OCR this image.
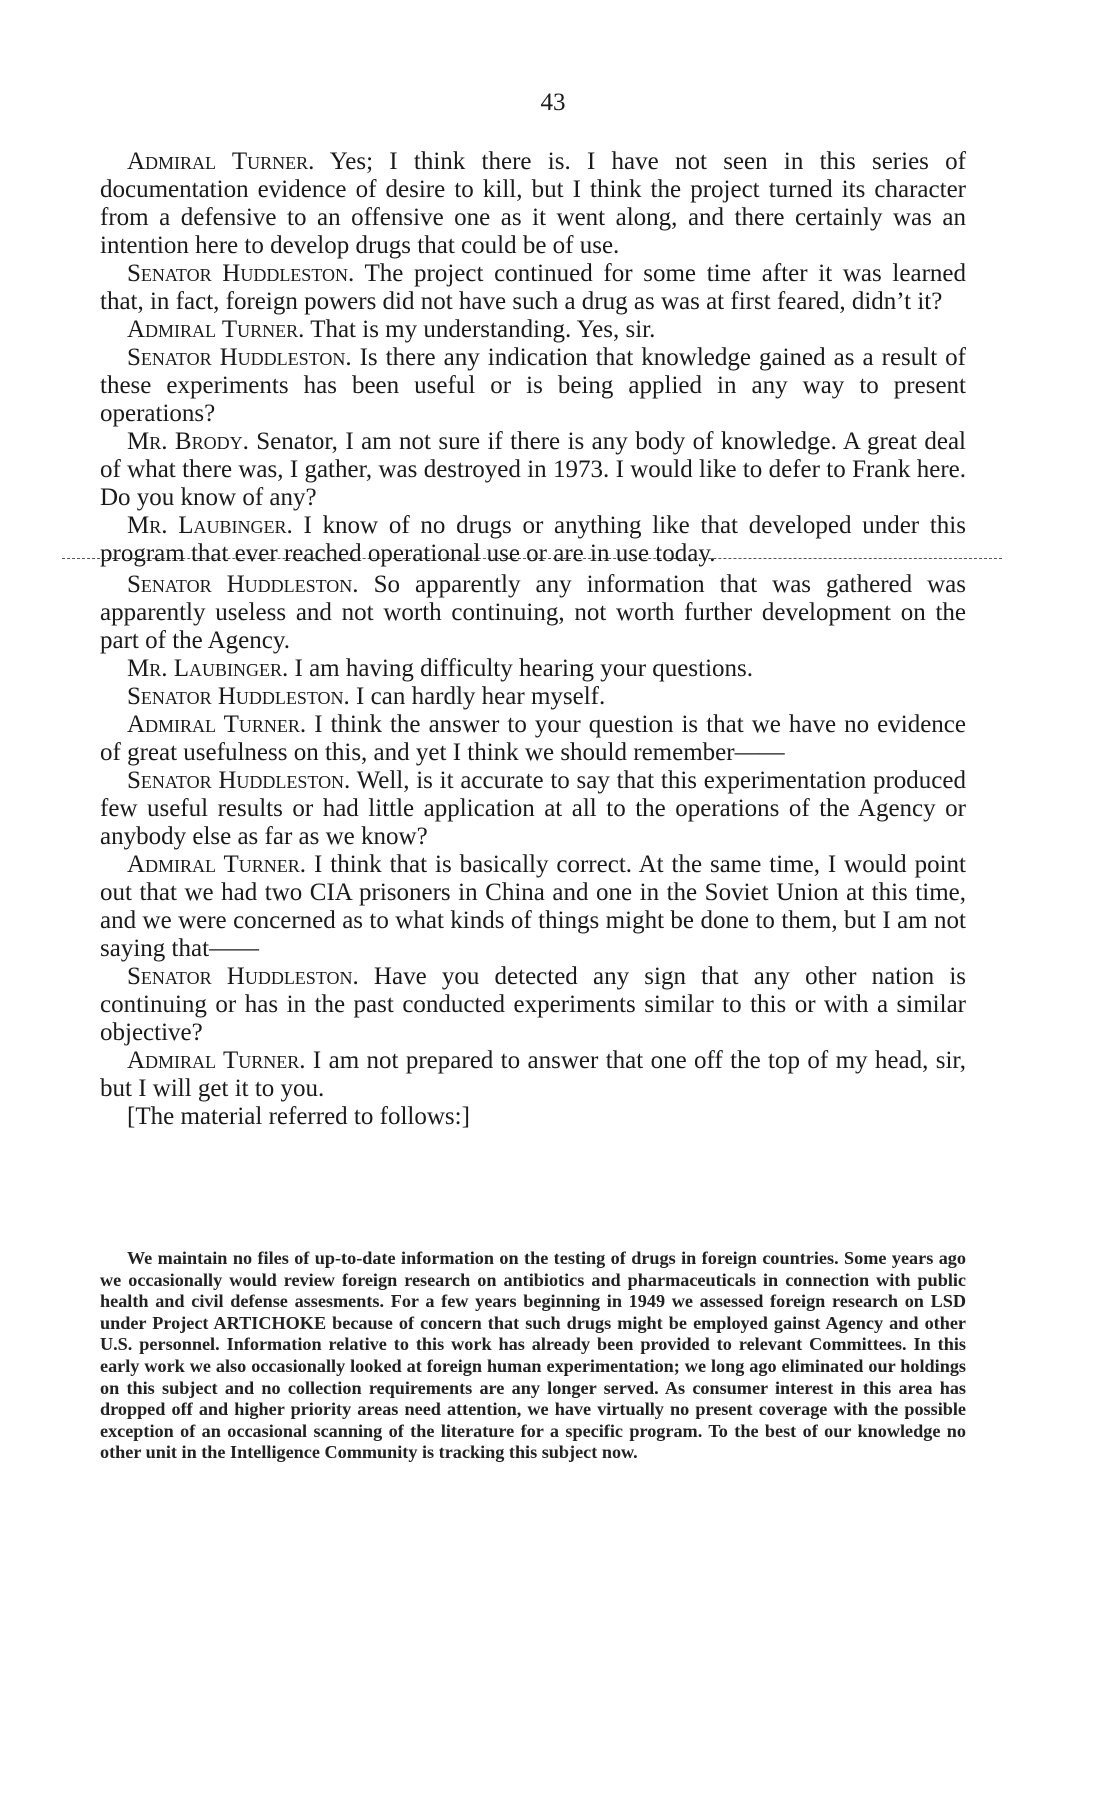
43

Admiral Turner. Yes; I think there is. I have not seen in this series of documentation evidence of desire to kill, but I think the project turned its character from a defensive to an offensive one as it went along, and there certainly was an intention here to develop drugs that could be of use.

Senator Huddleston. The project continued for some time after it was learned that, in fact, foreign powers did not have such a drug as was at first feared, didn’t it?

Admiral Turner. That is my understanding. Yes, sir.

Senator Huddleston. Is there any indication that knowledge gained as a result of these experiments has been useful or is being applied in any way to present operations?

Mr. Brody. Senator, I am not sure if there is any body of knowledge. A great deal of what there was, I gather, was destroyed in 1973. I would like to defer to Frank here. Do you know of any?

Mr. Laubinger. I know of no drugs or anything like that developed under this program that ever reached operational use or are in use today.

Senator Huddleston. So apparently any information that was gathered was apparently useless and not worth continuing, not worth further development on the part of the Agency.

Mr. Laubinger. I am having difficulty hearing your questions.

Senator Huddleston. I can hardly hear myself.

Admiral Turner. I think the answer to your question is that we have no evidence of great usefulness on this, and yet I think we should remember——

Senator Huddleston. Well, is it accurate to say that this experimentation produced few useful results or had little application at all to the operations of the Agency or anybody else as far as we know?

Admiral Turner. I think that is basically correct. At the same time, I would point out that we had two CIA prisoners in China and one in the Soviet Union at this time, and we were concerned as to what kinds of things might be done to them, but I am not saying that——

Senator Huddleston. Have you detected any sign that any other nation is continuing or has in the past conducted experiments similar to this or with a similar objective?

Admiral Turner. I am not prepared to answer that one off the top of my head, sir, but I will get it to you.

[The material referred to follows:]

We maintain no files of up-to-date information on the testing of drugs in foreign countries. Some years ago we occasionally would review foreign research on antibiotics and pharmaceuticals in connection with public health and civil defense assesments. For a few years beginning in 1949 we assessed foreign research on LSD under Project ARTICHOKE because of concern that such drugs might be employed gainst Agency and other U.S. personnel. Information relative to this work has already been provided to relevant Committees. In this early work we also occasionally looked at foreign human experimentation; we long ago eliminated our holdings on this subject and no collection requirements are any longer served. As consumer interest in this area has dropped off and higher priority areas need attention, we have virtually no present coverage with the possible exception of an occasional scanning of the literature for a specific program. To the best of our knowledge no other unit in the Intelligence Community is tracking this subject now.
